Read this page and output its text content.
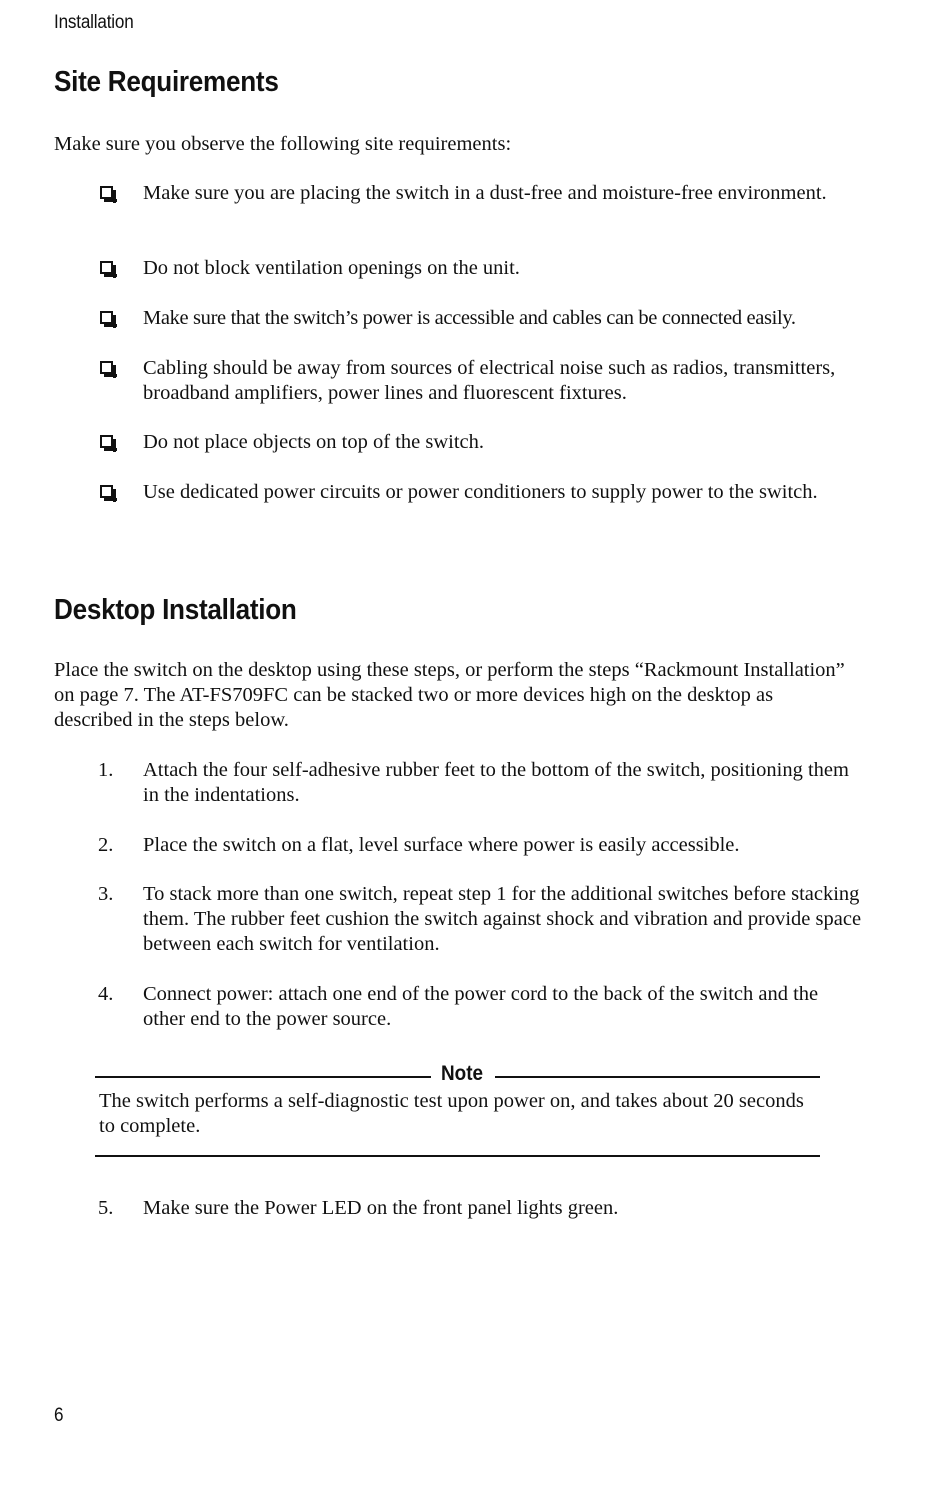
Installation
Site Requirements

Make sure you observe the following site requirements:

Make sure you are placing the switch in a dust-free and moisture-free environment.
Do not block ventilation openings on the unit.
Make sure that the switch’s power is accessible and cables can be connected easily.
Cabling should be away from sources of electrical noise such as radios, transmitters, broadband amplifiers, power lines and fluorescent fixtures.
Do not place objects on top of the switch.
Use dedicated power circuits or power conditioners to supply power to the switch.
Desktop Installation

Place the switch on the desktop using these steps, or perform the steps “Rackmount Installation” on page 7. The AT-FS709FC can be stacked two or more devices high on the desktop as described in the steps below.

1. Attach the four self-adhesive rubber feet to the bottom of the switch, positioning them in the indentations.
2. Place the switch on a flat, level surface where power is easily accessible.
3. To stack more than one switch, repeat step 1 for the additional switches before stacking them. The rubber feet cushion the switch against shock and vibration and provide space between each switch for ventilation.
4. Connect power: attach one end of the power cord to the back of the switch and the other end to the power source.
Note
The switch performs a self-diagnostic test upon power on, and takes about 20 seconds to complete.
5. Make sure the Power LED on the front panel lights green.
6
